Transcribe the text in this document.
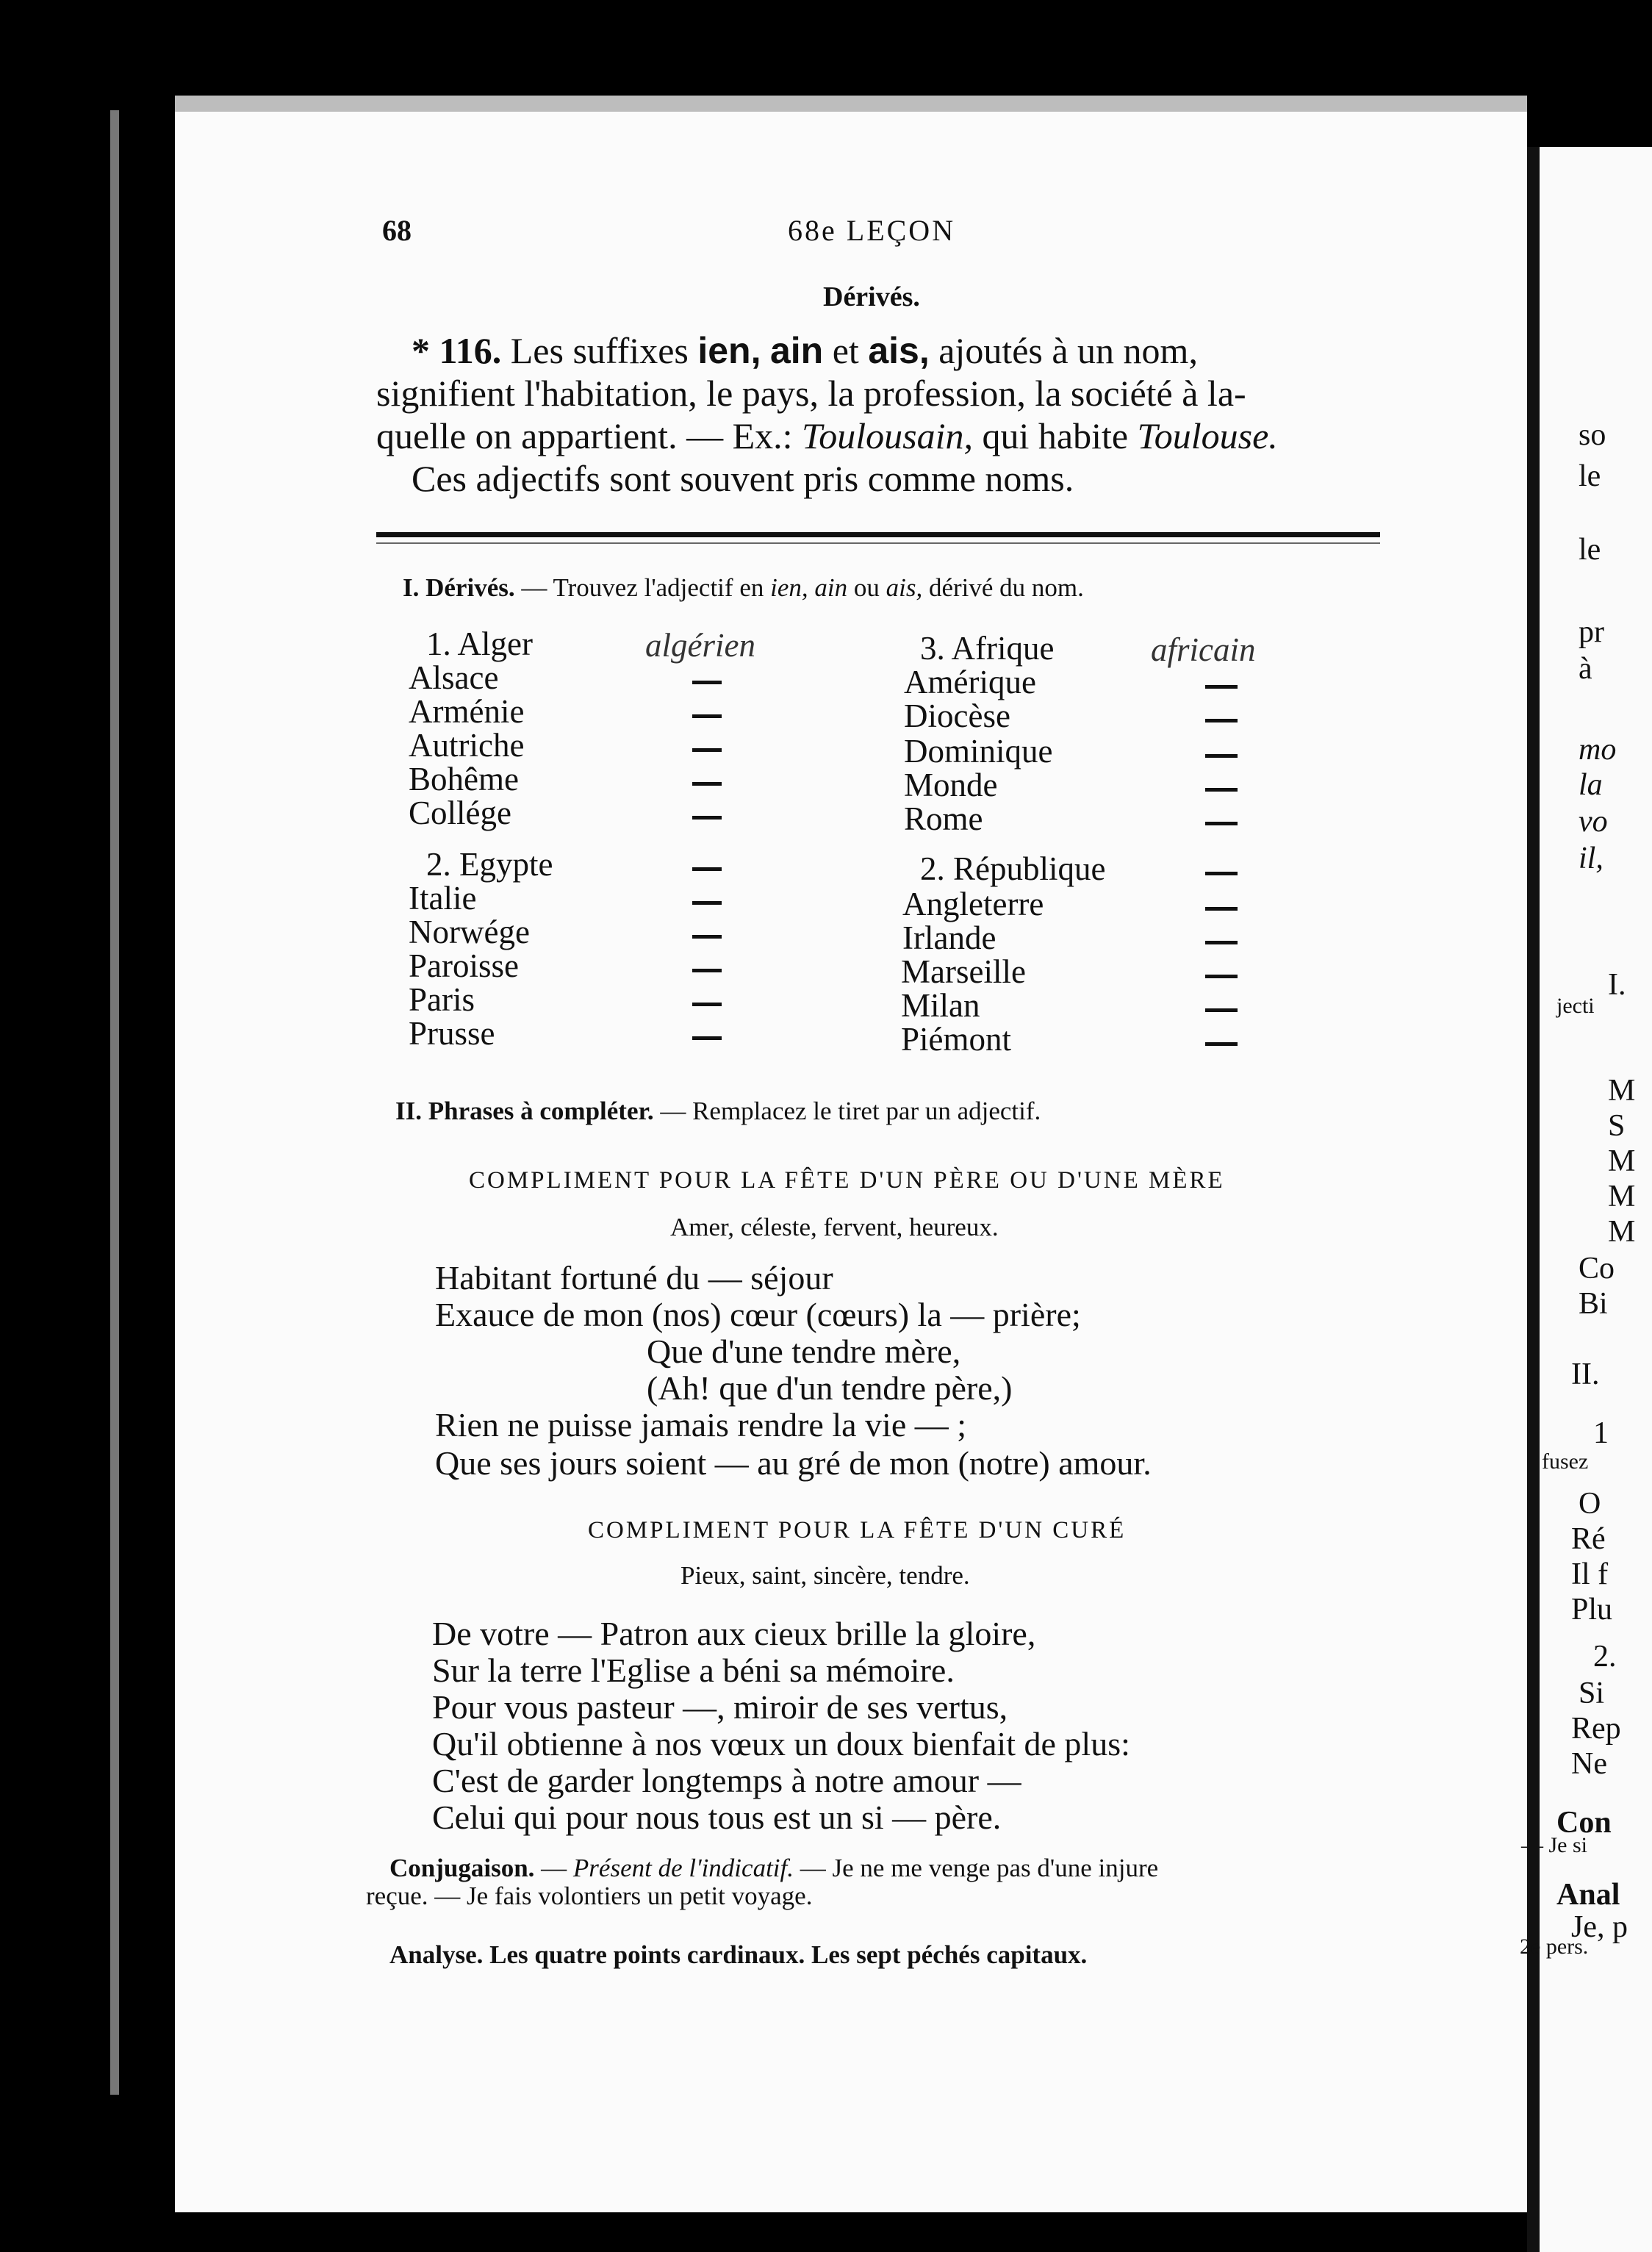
68	68e LEÇON
Dérivés.
* 116. Les suffixes ien, ain et ais, ajoutés à un nom,
signifient l'habitation, le pays, la profession, la société à la-
quelle on appartient. — Ex.: Toulousain, qui habite Toulouse.
Ces adjectifs sont souvent pris comme noms.
I. Dérivés. — Trouvez l'adjectif en ien, ain ou ais, dérivé du nom.
1. Alger
Alsace
Arménie
Autriche
Bohême
Collége
2. Egypte
Italie
Norwége
Paroisse
Paris
Prusse
algérien	3. Afrique
Amérique
Diocèse
Dominique
Monde
Rome
2. République
Angleterre
Irlande
Marseille
Milan
Piémont
africain
II. Phrases à compléter. — Remplacez le tiret par un adjectif.
COMPLIMENT POUR LA FÊTE D'UN PÈRE OU D'UNE MÈRE
Amer, céleste, fervent, heureux.
Habitant fortuné du — séjour
Exauce de mon (nos) cœur (cœurs) la — prière;
Que d'une tendre mère,
(Ah! que d'un tendre père,)
Rien ne puisse jamais rendre la vie — ;
Que ses jours soient — au gré de mon (notre) amour.
COMPLIMENT POUR LA FÊTE D'UN CURÉ
Pieux, saint, sincère, tendre.
De votre — Patron aux cieux brille la gloire,
Sur la terre l'Eglise a béni sa mémoire.
Pour vous pasteur —, miroir de ses vertus,
Qu'il obtienne à nos vœux un doux bienfait de plus:
C'est de garder longtemps à notre amour —
Celui qui pour nous tous est un si — père.
Conjugaison. — Présent de l'indicatif. — Je ne me venge pas d'une injure
reçue. — Je fais volontiers un petit voyage.
Analyse. Les quatre points cardinaux. Les sept péchés capitaux.
so
le
le
pr
à
mo
la
vo
il,
I.
jecti
M
S
M
M
M
Co
Bi
II.
1
fusez
O
Ré
Il f
Plu
2.
Si
Rep
Ne
Con
— Je si
Anal
Je, p
2e pers.
